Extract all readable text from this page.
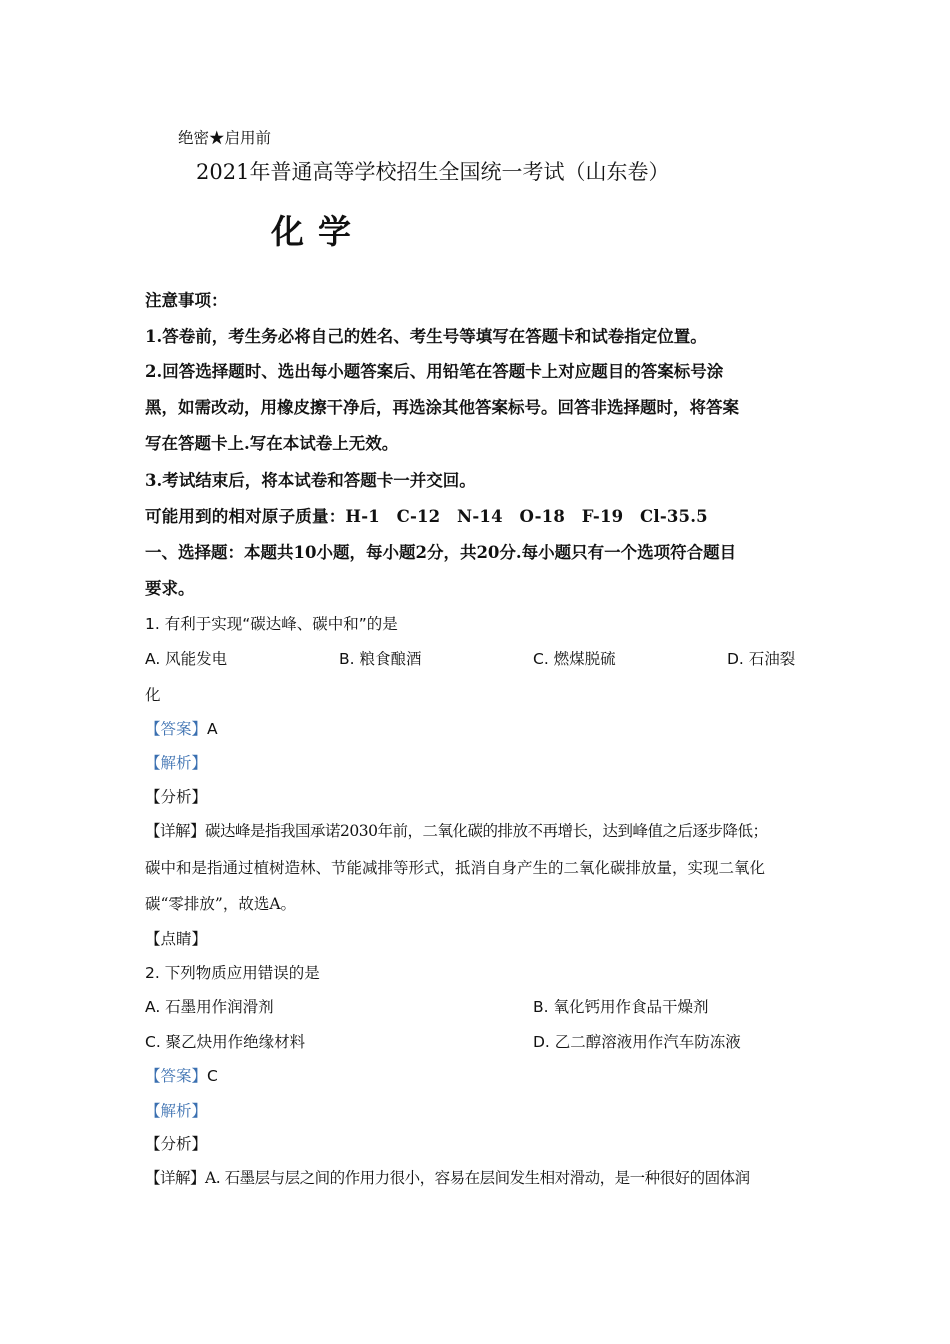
绝密★启用前
2021年普通高等学校招生全国统一考试（山东卷）
化学
注意事项：
1.答卷前，考生务必将自己的姓名、考生号等填写在答题卡和试卷指定位置。
2.回答选择题时、选出每小题答案后、用铅笔在答题卡上对应题目的答案标号涂
黑，如需改动，用橡皮擦干净后，再选涂其他答案标号。回答非选择题时，将答案
写在答题卡上.写在本试卷上无效。
3.考试结束后，将本试卷和答题卡一并交回。
可能用到的相对原子质量：H-1　C-12　N-14　O-18　F-19　Cl-35.5
一、选择题：本题共10小题，每小题2分，共20分.每小题只有一个选项符合题目
要求。
1. 有利于实现“碳达峰、碳中和”的是
A. 风能发电	B. 粮食酿酒	C. 燃煤脱硫	D. 石油裂
化
【答案】A
【解析】
【分析】
【详解】碳达峰是指我国承诺2030年前，二氧化碳的排放不再增长，达到峰值之后逐步降低；
碳中和是指通过植树造林、节能减排等形式，抵消自身产生的二氧化碳排放量，实现二氧化
碳“零排放”，故选A。
【点睛】
2. 下列物质应用错误的是
A. 石墨用作润滑剂	B. 氧化钙用作食品干燥剂
C. 聚乙炔用作绝缘材料	D. 乙二醇溶液用作汽车防冻液
【答案】C
【解析】
【分析】
【详解】A. 石墨层与层之间的作用力很小，容易在层间发生相对滑动，是一种很好的固体润
